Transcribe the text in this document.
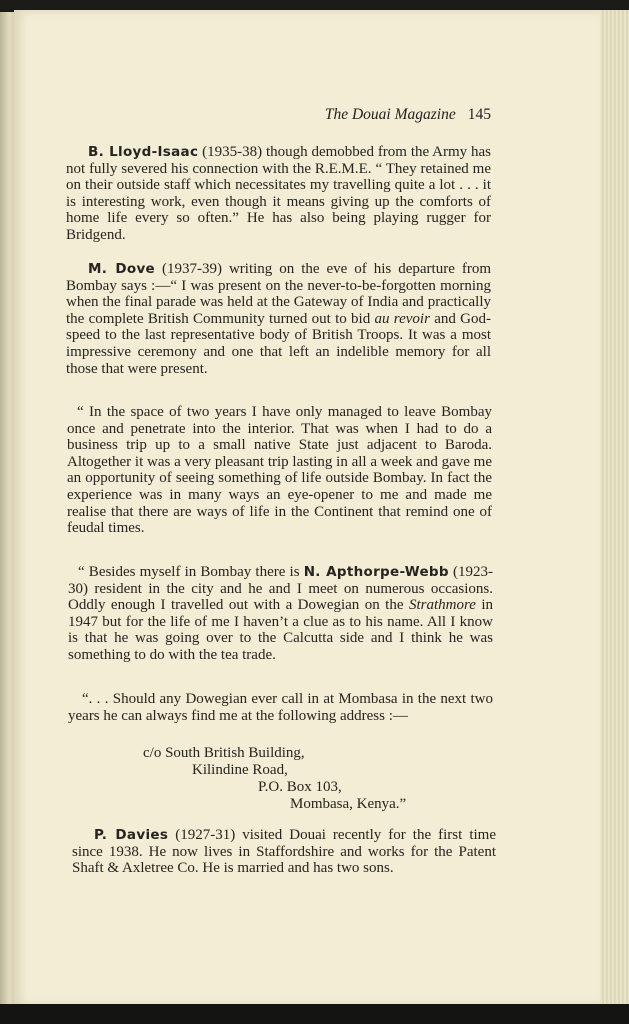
The Douai Magazine 145

B. Lloyd-Isaac (1935-38) though demobbed from the Army has not fully severed his connection with the R.E.M.E. “ They retained me on their outside staff which necessitates my travelling quite a lot . . . it is interesting work, even though it means giving up the comforts of home life every so often.” He has also being playing rugger for Bridgend.

M. Dove (1937-39) writing on the eve of his departure from Bombay says :—“ I was present on the never-to-be-forgotten morning when the final parade was held at the Gateway of India and practically the complete British Community turned out to bid au revoir and God-speed to the last representative body of British Troops. It was a most impressive ceremony and one that left an indelible memory for all those that were present.

“ In the space of two years I have only managed to leave Bombay once and penetrate into the interior. That was when I had to do a business trip up to a small native State just adjacent to Baroda. Altogether it was a very pleasant trip lasting in all a week and gave me an opportunity of seeing something of life outside Bombay. In fact the experience was in many ways an eye-opener to me and made me realise that there are ways of life in the Continent that remind one of feudal times.

“ Besides myself in Bombay there is N. Apthorpe-Webb (1923-30) resident in the city and he and I meet on numerous occasions. Oddly enough I travelled out with a Dowegian on the Strathmore in 1947 but for the life of me I haven’t a clue as to his name. All I know is that he was going over to the Calcutta side and I think he was something to do with the tea trade.

“. . . Should any Dowegian ever call in at Mombasa in the next two years he can always find me at the following address :—

c/o South British Building,
Kilindine Road,
P.O. Box 103,
Mombasa, Kenya.”

P. Davies (1927-31) visited Douai recently for the first time since 1938. He now lives in Staffordshire and works for the Patent Shaft & Axletree Co. He is married and has two sons.
